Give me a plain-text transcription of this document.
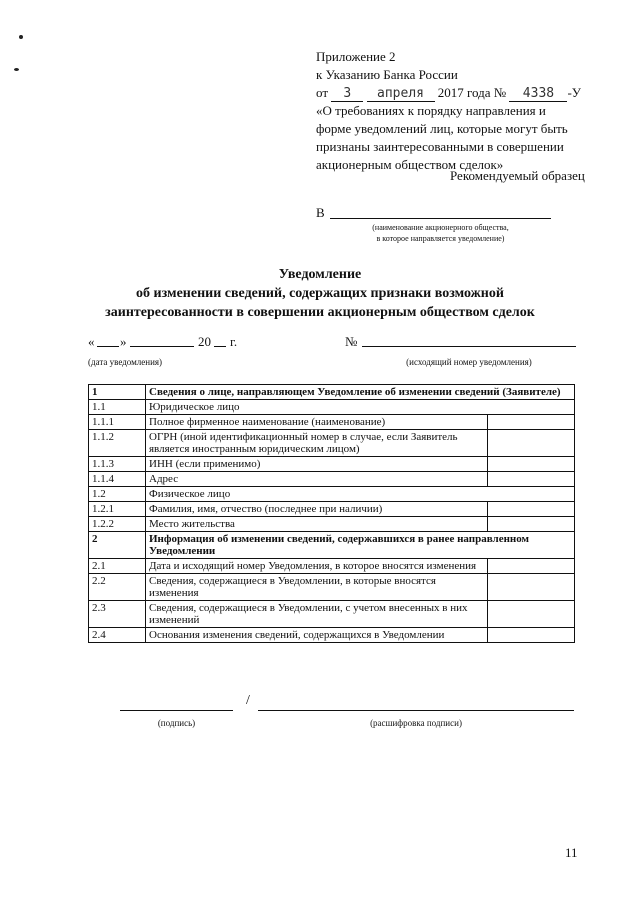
Приложение 2
к Указанию Банка России
от 3 апреля 2017 года № 4338 -У
«О требованиях к порядку направления и
форме уведомлений лиц, которые могут быть
признаны заинтересованными в совершении
акционерным обществом сделок»
Рекомендуемый образец
В
(наименование акционерного общества,
в которое направляется уведомление)
Уведомление
об изменении сведений, содержащих признаки возможной
заинтересованности в совершении акционерным обществом сделок
« »	20 г.
(дата уведомления)
№
(исходящий номер уведомления)
1	Сведения о лице, направляющем Уведомление об изменении сведений (Заявителе)	
1.1	Юридическое лицо	
1.1.1	Полное фирменное наименование (наименование)	
1.1.2	ОГРН (иной идентификационный номер в случае, если Заявитель является иностранным юридическим лицом)	
1.1.3	ИНН (если применимо)	
1.1.4	Адрес	
1.2	Физическое лицо	
1.2.1	Фамилия, имя, отчество (последнее при наличии)	
1.2.2	Место жительства	
2	Информация об изменении сведений, содержавшихся в ранее направленном Уведомлении	
2.1	Дата и исходящий номер Уведомления, в которое вносятся изменения	
2.2	Сведения, содержащиеся в Уведомлении, в которые вносятся изменения	
2.3	Сведения, содержащиеся в Уведомлении, с учетом внесенных в них изменений	
2.4	Основания изменения сведений, содержащихся в Уведомлении	
/
(подпись)	(расшифровка подписи)
11
